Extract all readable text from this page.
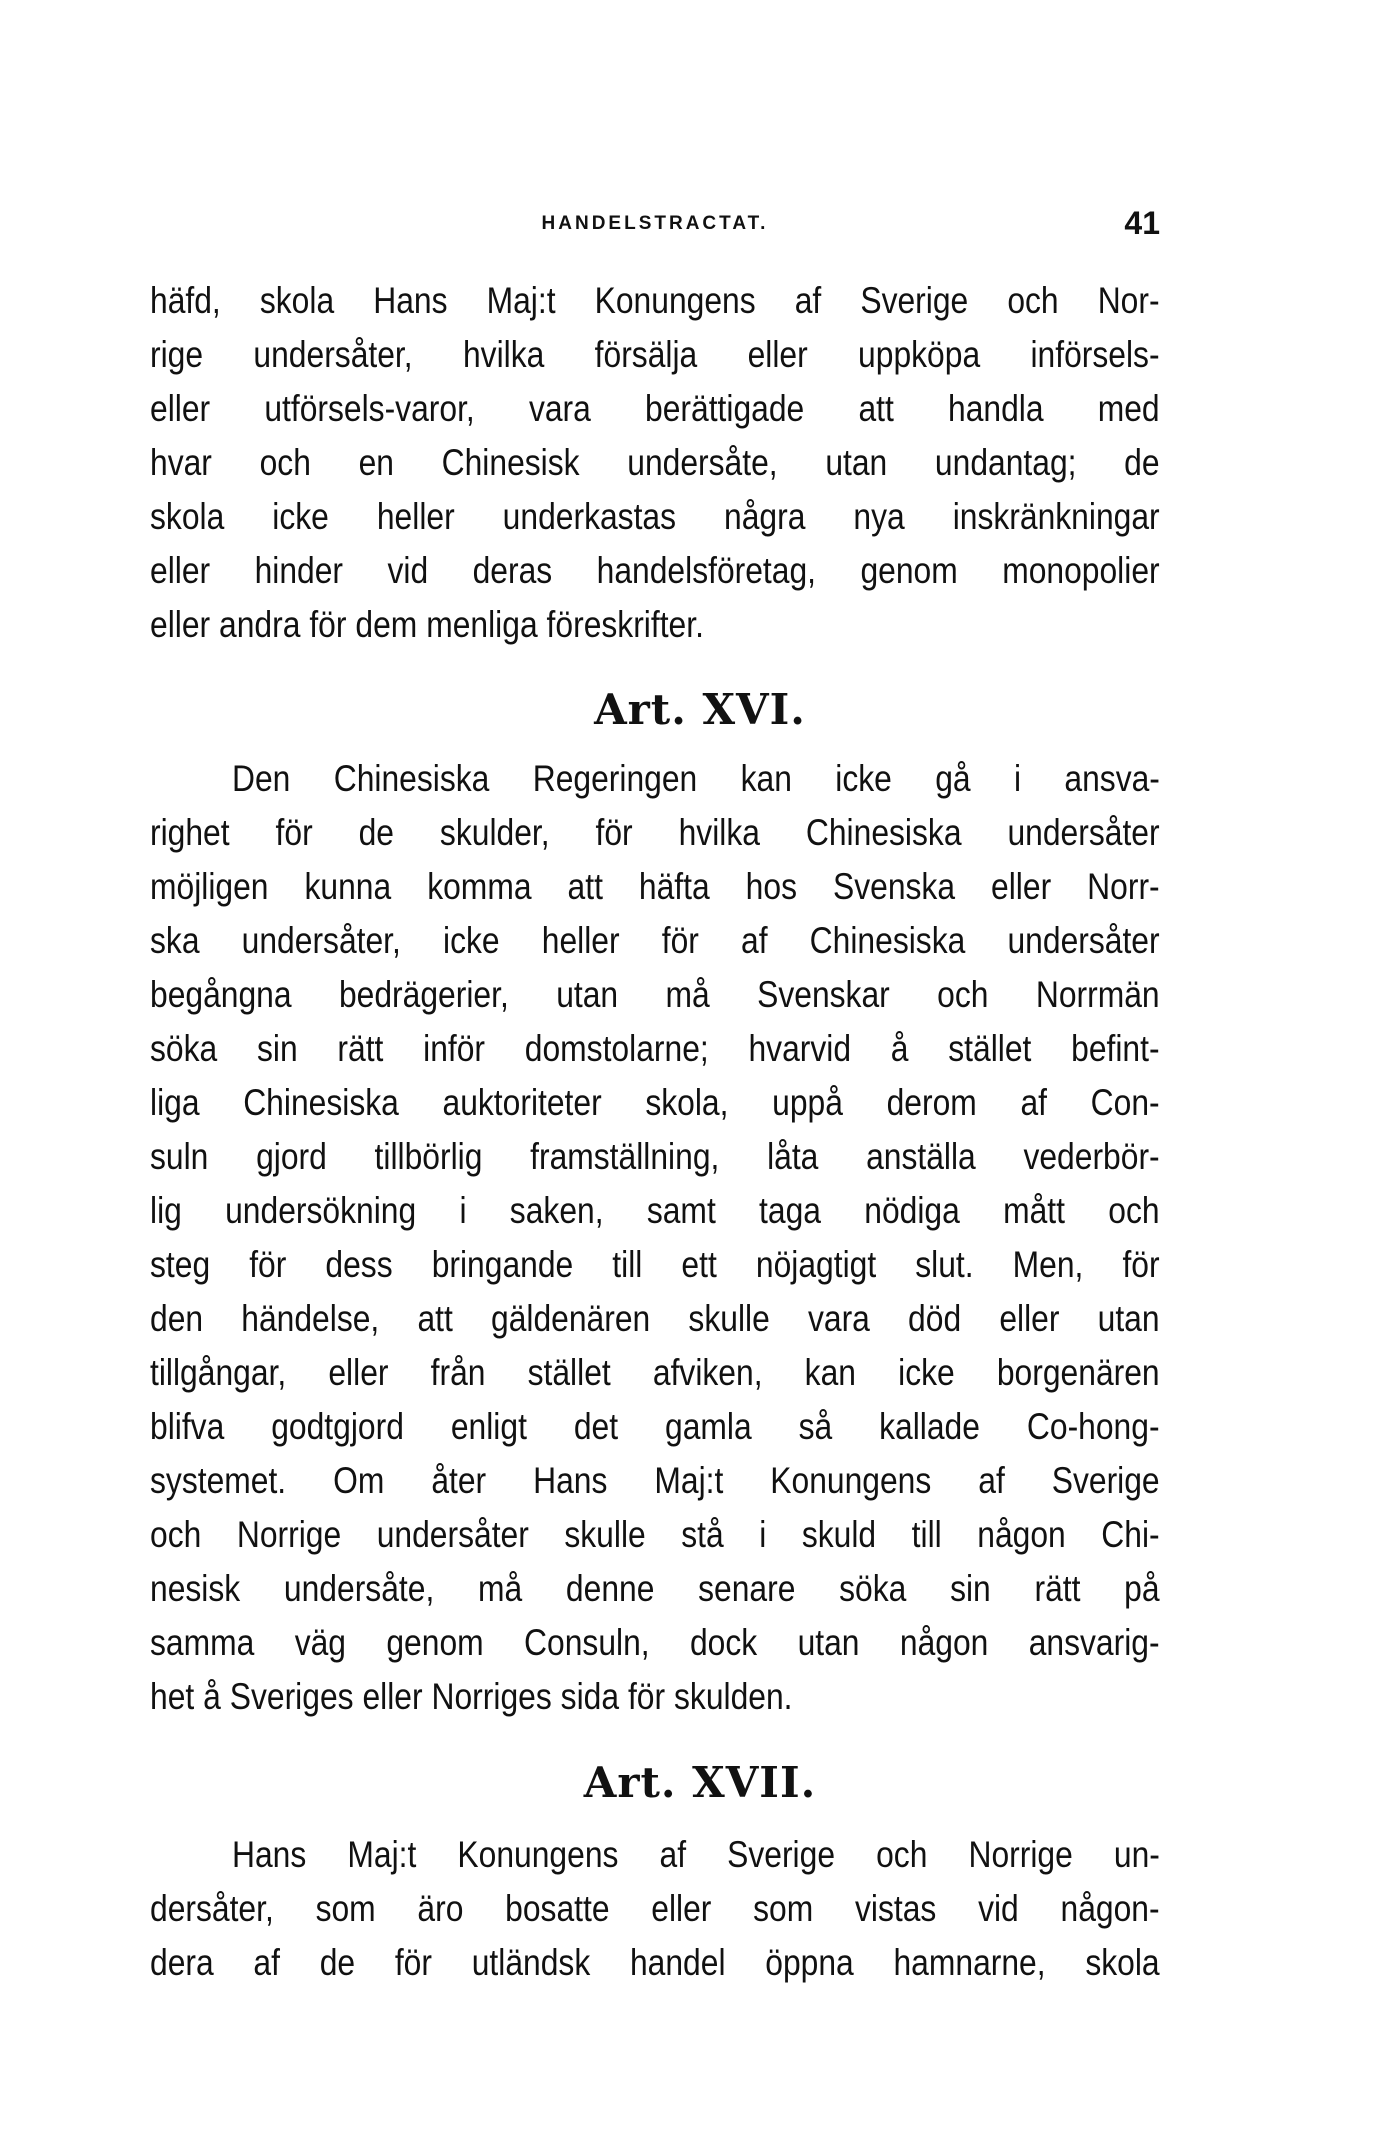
HANDELSTRACTAT.	41
häfd, skola Hans Maj:t Konungens af Sverige och Nor-
rige undersåter, hvilka försälja eller uppköpa införsels-
eller utförsels-varor, vara berättigade att handla med
hvar och en Chinesisk undersåte, utan undantag; de
skola icke heller underkastas några nya inskränkningar
eller hinder vid deras handelsföretag, genom monopolier
eller andra för dem menliga föreskrifter.
Art. XVI.
Den Chinesiska Regeringen kan icke gå i ansva-
righet för de skulder, för hvilka Chinesiska undersåter
möjligen kunna komma att häfta hos Svenska eller Norr-
ska undersåter, icke heller för af Chinesiska undersåter
begångna bedrägerier, utan må Svenskar och Norrmän
söka sin rätt inför domstolarne; hvarvid å stället befint-
liga Chinesiska auktoriteter skola, uppå derom af Con-
suln gjord tillbörlig framställning, låta anställa vederbör-
lig undersökning i saken, samt taga nödiga mått och
steg för dess bringande till ett nöjagtigt slut. Men, för
den händelse, att gäldenären skulle vara död eller utan
tillgångar, eller från stället afviken, kan icke borgenären
blifva godtgjord enligt det gamla så kallade Co-hong-
systemet. Om åter Hans Maj:t Konungens af Sverige
och Norrige undersåter skulle stå i skuld till någon Chi-
nesisk undersåte, må denne senare söka sin rätt på
samma väg genom Consuln, dock utan någon ansvarig-
het å Sveriges eller Norriges sida för skulden.
Art. XVII.
Hans Maj:t Konungens af Sverige och Norrige un-
dersåter, som äro bosatte eller som vistas vid någon-
dera af de för utländsk handel öppna hamnarne, skola
